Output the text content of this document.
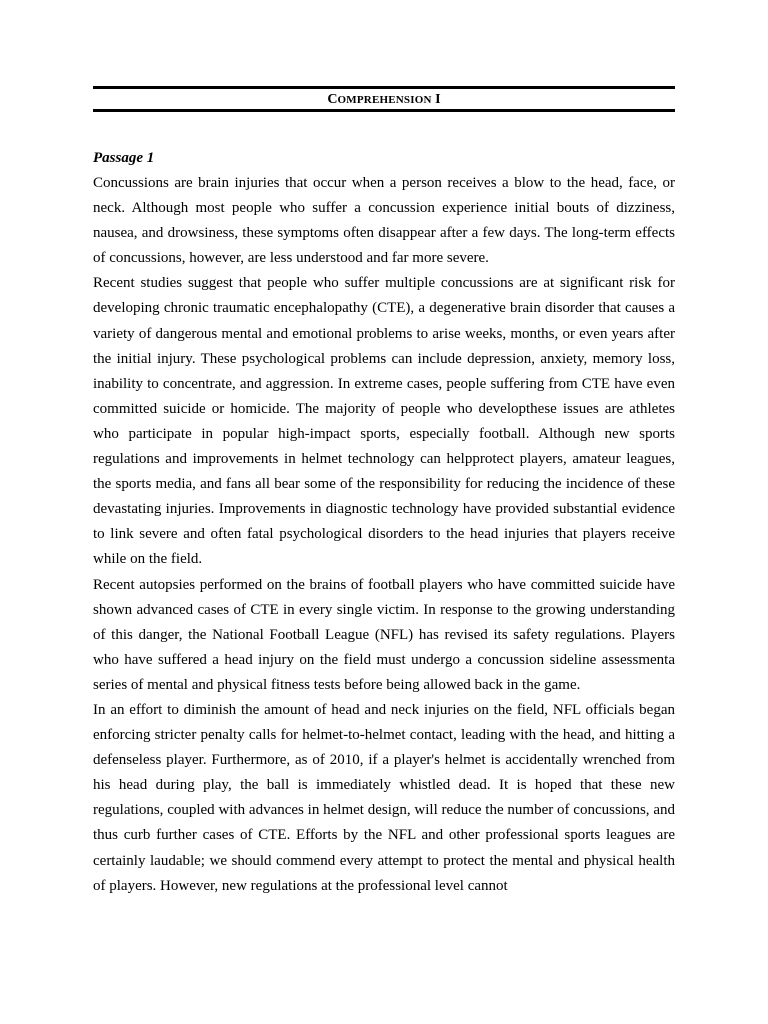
COMPREHENSION I
Passage 1

Concussions are brain injuries that occur when a person receives a blow to the head, face, or neck. Although most people who suffer a concussion experience initial bouts of dizziness, nausea, and drowsiness, these symptoms often disappear after a few days. The long-term effects of concussions, however, are less understood and far more severe.

Recent studies suggest that people who suffer multiple concussions are at significant risk for developing chronic traumatic encephalopathy (CTE), a degenerative brain disorder that causes a variety of dangerous mental and emotional problems to arise weeks, months, or even years after the initial injury. These psychological problems can include depression, anxiety, memory loss, inability to concentrate, and aggression. In extreme cases, people suffering from CTE have even committed suicide or homicide. The majority of people who developthese issues are athletes who participate in popular high-impact sports, especially football. Although new sports regulations and improvements in helmet technology can helpprotect players, amateur leagues, the sports media, and fans all bear some of the responsibility for reducing the incidence of these devastating injuries. Improvements in diagnostic technology have provided substantial evidence to link severe and often fatal psychological disorders to the head injuries that players receive while on the field.

Recent autopsies performed on the brains of football players who have committed suicide have shown advanced cases of CTE in every single victim. In response to the growing understanding of this danger, the National Football League (NFL) has revised its safety regulations. Players who have suffered a head injury on the field must undergo a concussion sideline assessmenta series of mental and physical fitness tests before being allowed back in the game.

In an effort to diminish the amount of head and neck injuries on the field, NFL officials began enforcing stricter penalty calls for helmet-to-helmet contact, leading with the head, and hitting a defenseless player. Furthermore, as of 2010, if a player's helmet is accidentally wrenched from his head during play, the ball is immediately whistled dead. It is hoped that these new regulations, coupled with advances in helmet design, will reduce the number of concussions, and thus curb further cases of CTE. Efforts by the NFL and other professional sports leagues are certainly laudable; we should commend every attempt to protect the mental and physical health of players. However, new regulations at the professional level cannot
